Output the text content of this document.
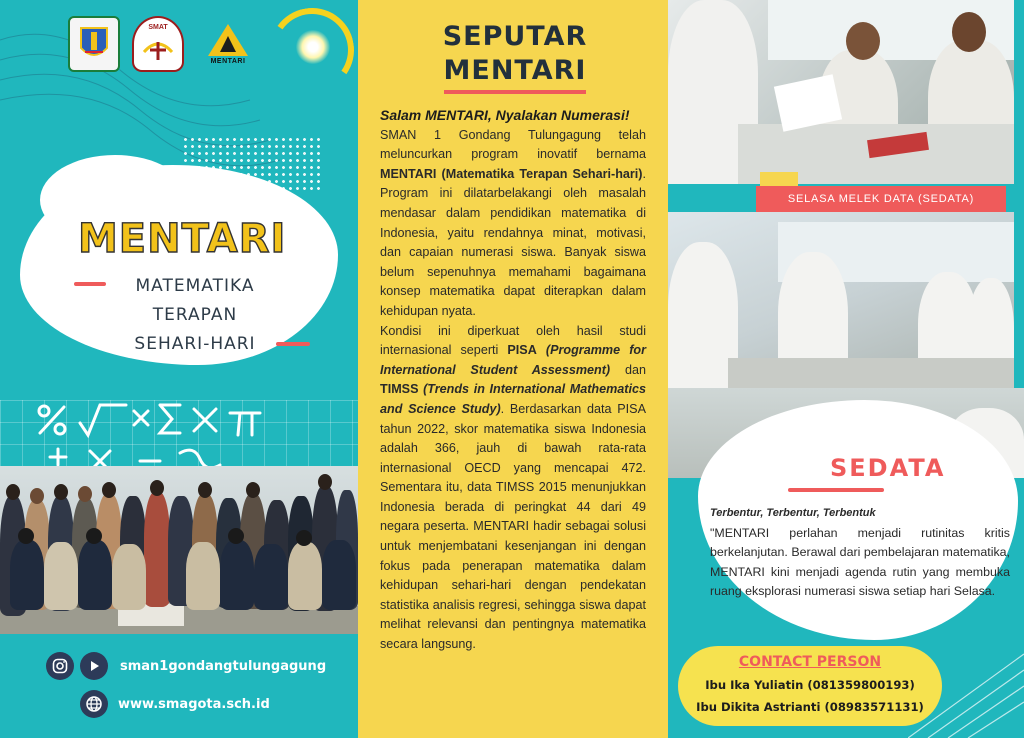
SMAT
MENTARI
MENTARI
MATEMATIKA
TERAPAN
SEHARI-HARI
sman1gondangtulungagung
www.smagota.sch.id
SEPUTAR
MENTARI
Salam MENTARI, Nyalakan Numerasi!

SMAN 1 Gondang Tulungagung telah meluncurkan program inovatif bernama MENTARI (Matematika Terapan Sehari-hari). Program ini dilatarbelakangi oleh masalah mendasar dalam pendidikan matematika di Indonesia, yaitu rendahnya minat, motivasi, dan capaian numerasi siswa. Banyak siswa belum sepenuhnya memahami bagaimana konsep matematika dapat diterapkan dalam kehidupan nyata.

Kondisi ini diperkuat oleh hasil studi internasional seperti PISA (Programme for International Student Assessment) dan TIMSS (Trends in International Mathematics and Science Study). Berdasarkan data PISA tahun 2022, skor matematika siswa Indonesia adalah 366, jauh di bawah rata-rata internasional OECD yang mencapai 472. Sementara itu, data TIMSS 2015 menunjukkan Indonesia berada di peringkat 44 dari 49 negara peserta. MENTARI hadir sebagai solusi untuk menjembatani kesenjangan ini dengan fokus pada penerapan matematika dalam kehidupan sehari-hari dengan pendekatan statistika analisis regresi, sehingga siswa dapat melihat relevansi dan pentingnya matematika secara langsung.

SELASA MELEK DATA (SEDATA)
SEDATA
Terbentur, Terbentur, Terbentuk
"MENTARI perlahan menjadi rutinitas kritis berkelanjutan. Berawal dari pembelajaran matematika, MENTARI kini menjadi agenda rutin yang membuka ruang eksplorasi numerasi siswa setiap hari Selasa.
CONTACT PERSON
Ibu Ika Yuliatin (081359800193)
Ibu Dikita Astrianti (08983571131)
